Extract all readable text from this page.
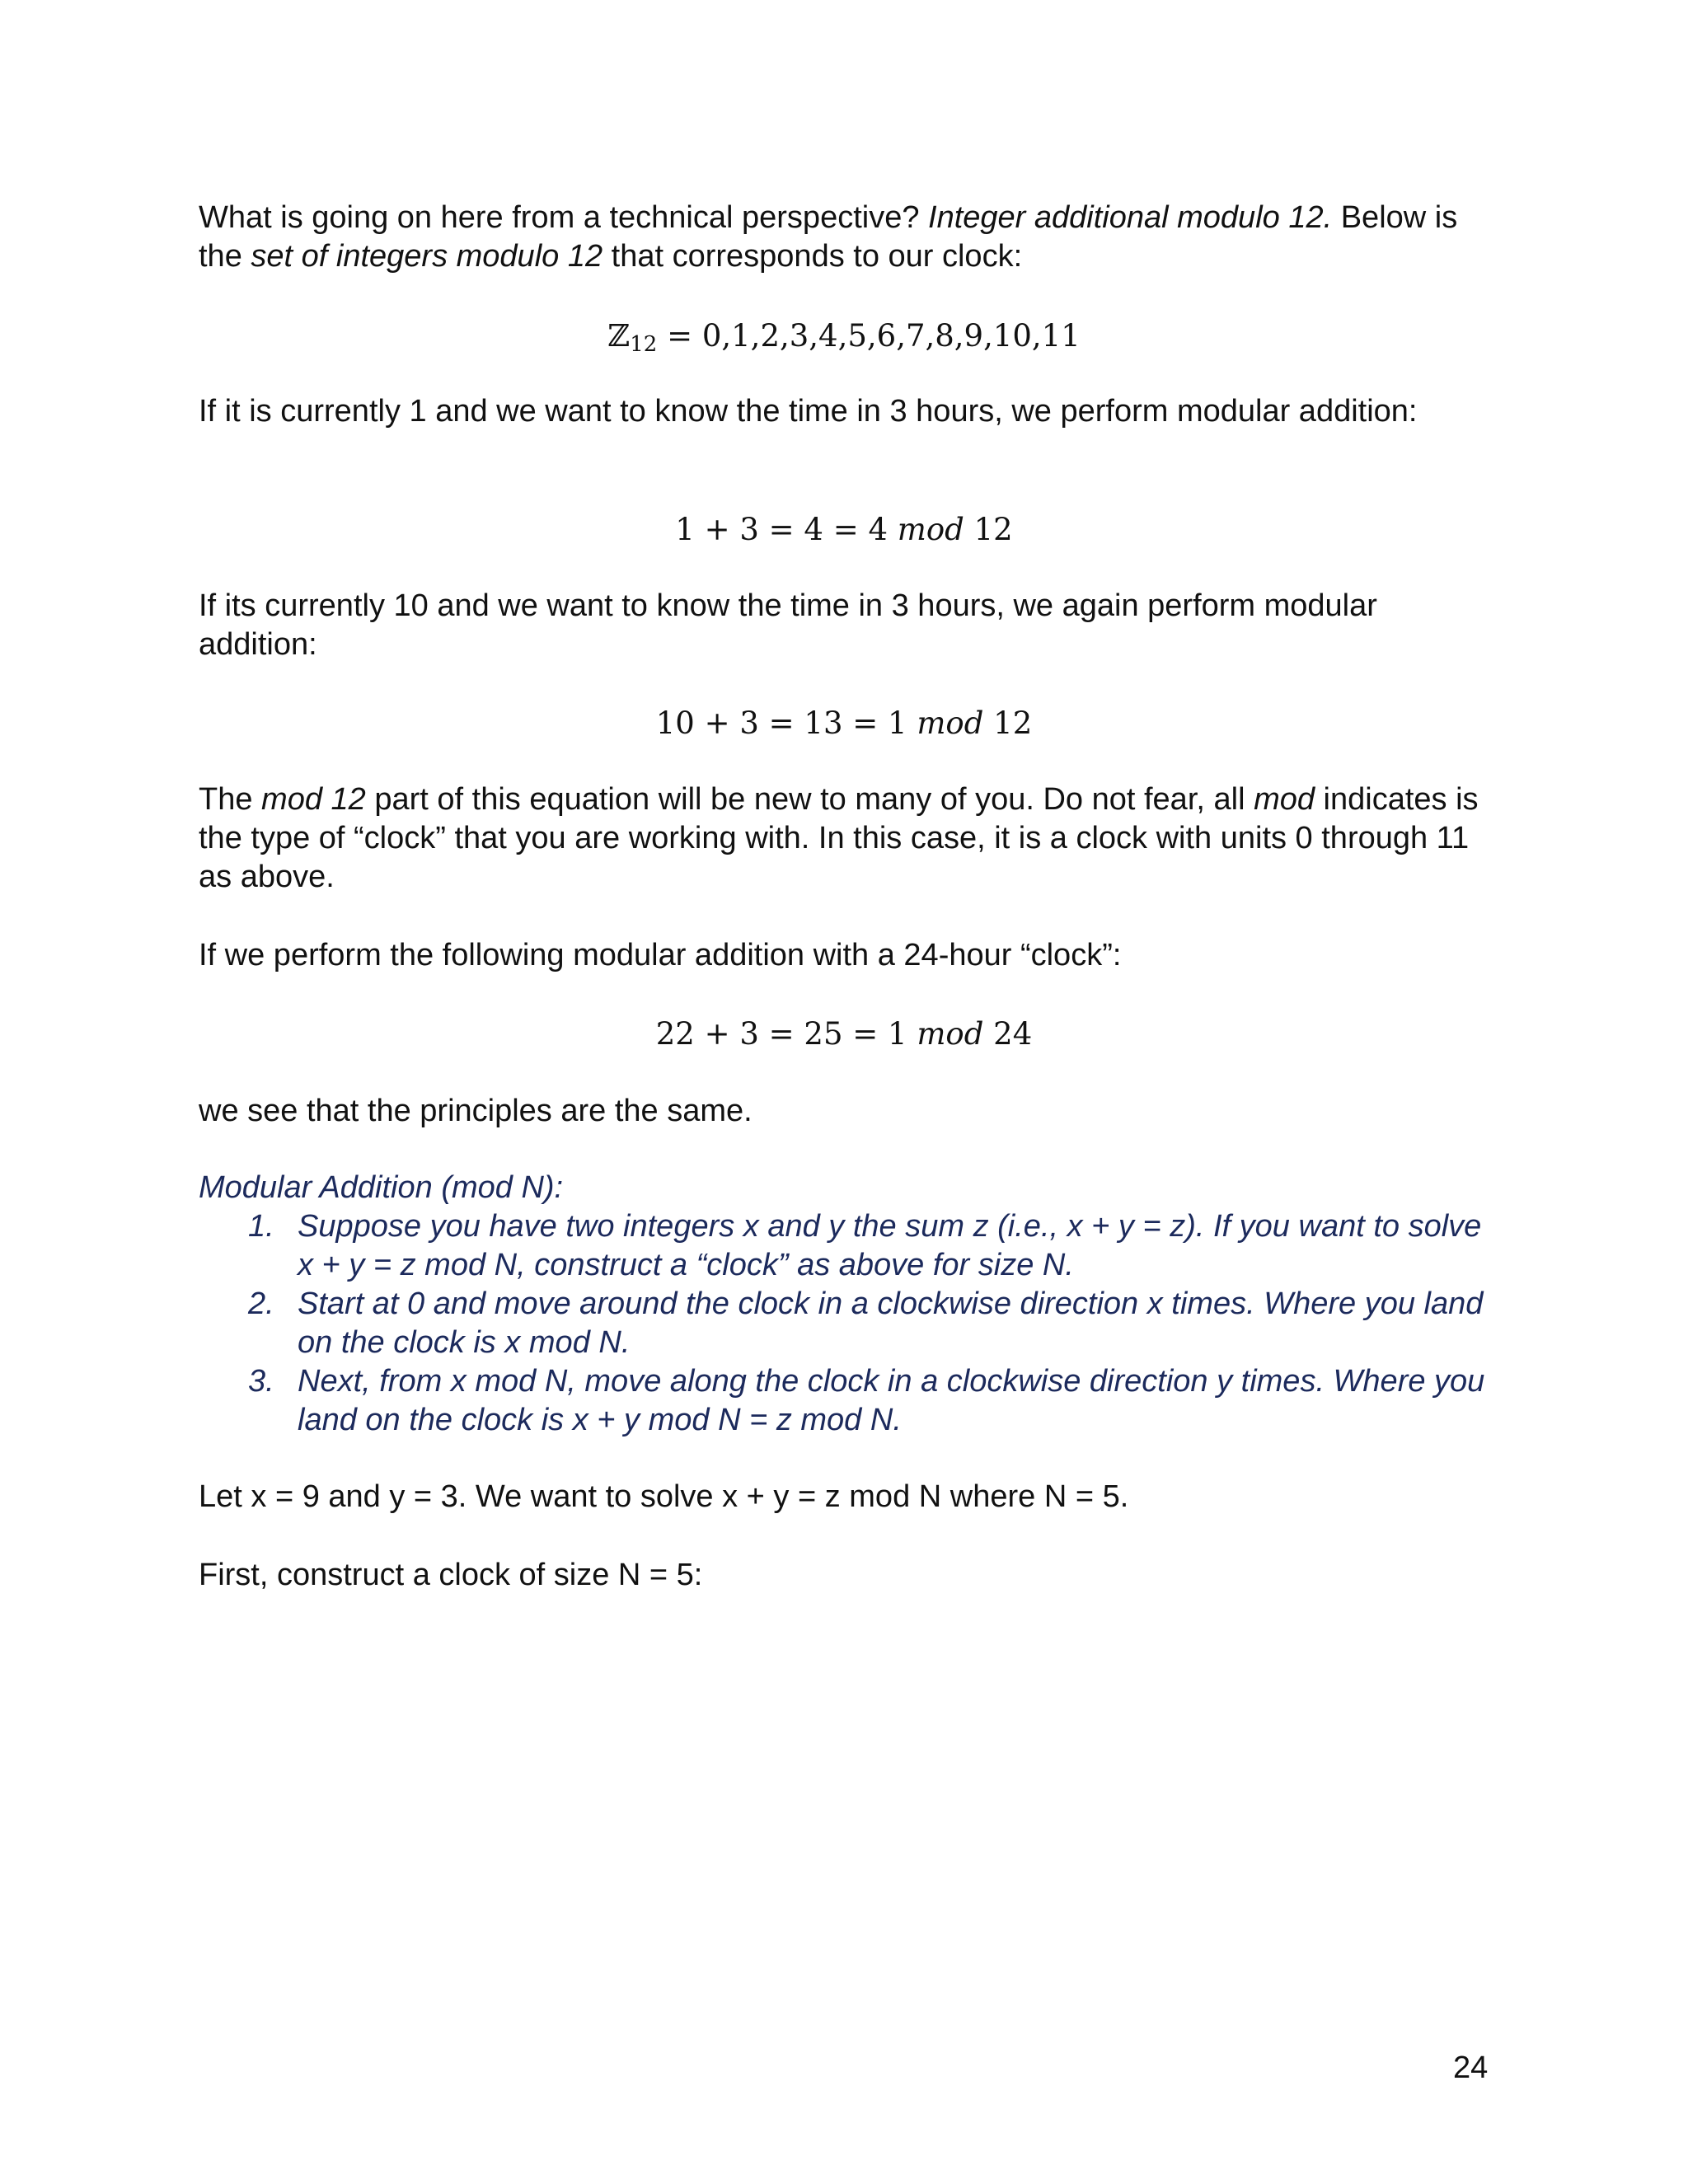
What is going on here from a technical perspective? Integer additional modulo 12. Below is the set of integers modulo 12 that corresponds to our clock:

ℤ$_{12}$ = 0,1,2,3,4,5,6,7,8,9,10,11

If it is currently 1 and we want to know the time in 3 hours, we perform modular addition:

1 + 3 = 4 = 4 mod 12

If its currently 10 and we want to know the time in 3 hours, we again perform modular addition:

10 + 3 = 13 = 1 mod 12

The mod 12 part of this equation will be new to many of you. Do not fear, all mod indicates is the type of “clock” that you are working with. In this case, it is a clock with units 0 through 11 as above.

If we perform the following modular addition with a 24-hour “clock”:

22 + 3 = 25 = 1 mod 24

we see that the principles are the same.

Modular Addition (mod N):

1. Suppose you have two integers x and y the sum z (i.e., x + y = z). If you want to solve x + y = z mod N, construct a “clock” as above for size N.
2. Start at 0 and move around the clock in a clockwise direction x times. Where you land on the clock is x mod N.
3. Next, from x mod N, move along the clock in a clockwise direction y times. Where you land on the clock is x + y mod N = z mod N.

Let x = 9 and y = 3. We want to solve x + y = z mod N where N = 5.

First, construct a clock of size N = 5:

24
